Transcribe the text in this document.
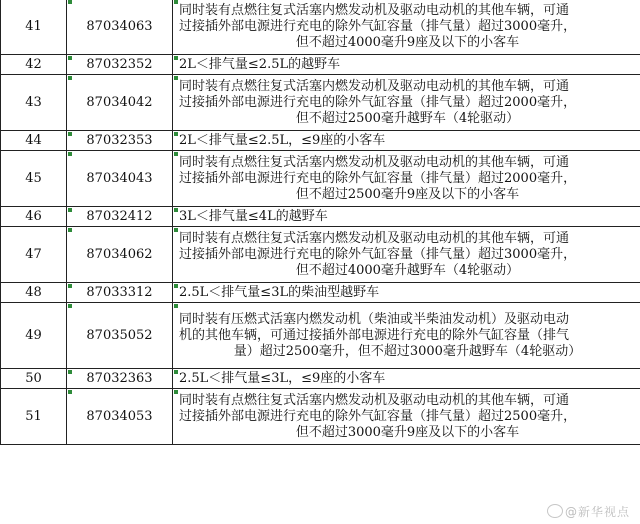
41	87034063	同时装有点燃往复式活塞内燃发动机及驱动电动机的其他车辆，可通
过接插外部电源进行充电的除外气缸容量（排气量）超过3000毫升，
但不超过4000毫升9座及以下的小客车

42	87032352	2L＜排气量≤2.5L的越野车

43	87034042	同时装有点燃往复式活塞内燃发动机及驱动电动机的其他车辆，可通
过接插外部电源进行充电的除外气缸容量（排气量）超过2000毫升，
但不超过2500毫升越野车（4轮驱动）

44	87032353	2L＜排气量≤2.5L，≤9座的小客车

45	87034043	同时装有点燃往复式活塞内燃发动机及驱动电动机的其他车辆，可通
过接插外部电源进行充电的除外气缸容量（排气量）超过2000毫升，
但不超过2500毫升9座及以下的小客车

46	87032412	3L＜排气量≤4L的越野车

47	87034062	同时装有点燃往复式活塞内燃发动机及驱动电动机的其他车辆，可通
过接插外部电源进行充电的除外气缸容量（排气量）超过3000毫升，
但不超过4000毫升越野车（4轮驱动）

48	87033312	2.5L＜排气量≤3L的柴油型越野车

49	87035052	同时装有压燃式活塞内燃发动机（柴油或半柴油发动机）及驱动电动
机的其他车辆，可通过接插外部电源进行充电的除外气缸容量（排气
量）超过2500毫升，但不超过3000毫升越野车（4轮驱动）

50	87032363	2.5L＜排气量≤3L，≤9座的小客车

51	87034053	同时装有点燃往复式活塞内燃发动机及驱动电动机的其他车辆，可通
过接插外部电源进行充电的除外气缸容量（排气量）超过2500毫升，
但不超过3000毫升9座及以下的小客车
@新华视点
